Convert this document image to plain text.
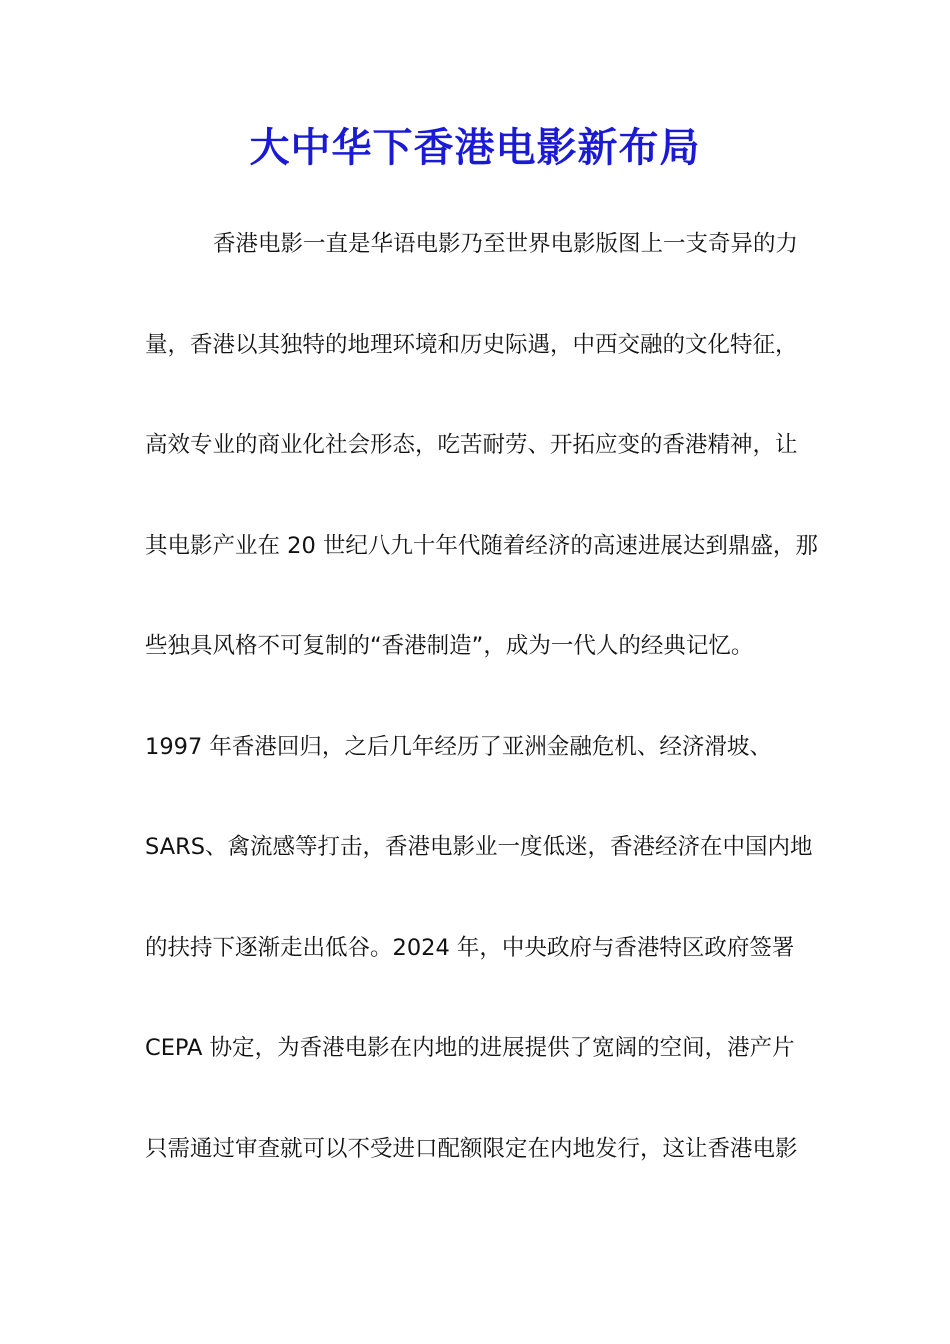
大中华下香港电影新布局
香港电影一直是华语电影乃至世界电影版图上一支奇异的力
量，香港以其独特的地理环境和历史际遇，中西交融的文化特征，
高效专业的商业化社会形态，吃苦耐劳、开拓应变的香港精神，让
其电影产业在 20 世纪八九十年代随着经济的高速进展达到鼎盛，那
些独具风格不可复制的“香港制造”，成为一代人的经典记忆。
1997 年香港回归，之后几年经历了亚洲金融危机、经济滑坡、
SARS、禽流感等打击，香港电影业一度低迷，香港经济在中国内地
的扶持下逐渐走出低谷。2024 年，中央政府与香港特区政府签署
CEPA 协定，为香港电影在内地的进展提供了宽阔的空间，港产片
只需通过审查就可以不受进口配额限定在内地发行，这让香港电影
